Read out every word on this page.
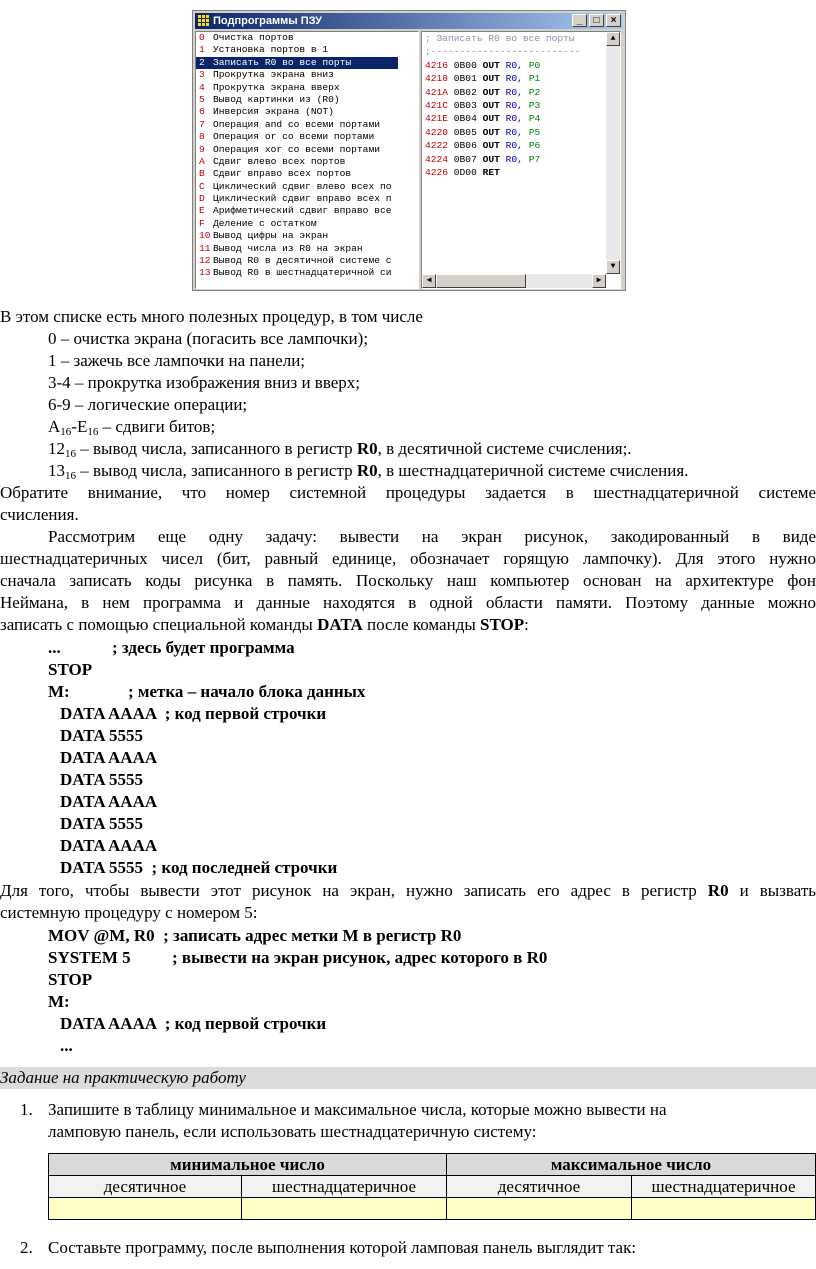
Подпрограммы ПЗУ	_	□	×
0 Очистка портов
1 Установка портов в 1
2 Записать R0 во все порты
3 Прокрутка экрана вниз
4 Прокрутка экрана вверх
5 Вывод картинки из (R0)
6 Инверсия экрана (NOT)
7 Операция and со всеми портами
8 Операция or со всеми портами
9 Операция xor со всеми портами
A Сдвиг влево всех портов
B Сдвиг вправо всех портов
C Циклический сдвиг влево всех по
D Циклический сдвиг вправо всех п
E Арифметический сдвиг вправо все
F Деление с остатком
10 Вывод цифры на экран
11 Вывод числа из R0 на экран
12 Вывод R0 в десятичной системе с
13 Вывод R0 в шестнадцатеричной си
; Записать R0 во все порты
;--------------------------
4216 0B00 OUT R0, P0
4218 0B01 OUT R0, P1
421A 0B02 OUT R0, P2
421C 0B03 OUT R0, P3
421E 0B04 OUT R0, P4
4220 0B05 OUT R0, P5
4222 0B06 OUT R0, P6
4224 0B07 OUT R0, P7
4226 0D00 RET
▲
▼
◀	▶
В этом списке есть много полезных процедур, в том числе
0 – очистка экрана (погасить все лампочки);
1 – зажечь все лампочки на панели;
3-4 – прокрутка изображения вниз и вверх;
6-9 – логические операции;
$A_{16}-E_{16}$ – сдвиги битов;
$12_{16}$ – вывод числа, записанного в регистр R0, в десятичной системе счисления;.
$13_{16}$ – вывод числа, записанного в регистр R0, в шестнадцатеричной системе счисления.
Обратите внимание, что номер системной процедуры задается в шестнадцатеричной системе
счисления.
Рассмотрим еще одну задачу: вывести на экран рисунок, закодированный в виде
шестнадцатеричных чисел (бит, равный единице, обозначает горящую лампочку). Для этого нужно
сначала записать коды рисунка в память. Поскольку наш компьютер основан на архитектуре фон
Неймана, в нем программа и данные находятся в одной области памяти. Поэтому данные можно
записать с помощью специальной команды DATA после команды STOP:
...	; здесь будет программа
STOP
M:	; метка – начало блока данных
DATA AAAA  ; код первой строчки
DATA 5555
DATA AAAA
DATA 5555
DATA AAAA
DATA 5555
DATA AAAA
DATA 5555  ; код последней строчки
Для того, чтобы вывести этот рисунок на экран, нужно записать его адрес в регистр R0 и вызвать
системную процедуру с номером 5:
MOV @M, R0  ; записать адрес метки M в регистр R0
SYSTEM 5 ; вывести на экран рисунок, адрес которого в R0
STOP
M:
DATA AAAA  ; код первой строчки
...
Задание на практическую работу
1. Запишите в таблицу минимальное и максимальное числа, которые можно вывести на
ламповую панель, если использовать шестнадцатеричную систему:
минимальное число		максимальное число	
десятичное	шестнадцатеричное	десятичное	шестнадцатеричное

2. Составьте программу, после выполнения которой ламповая панель выглядит так:
